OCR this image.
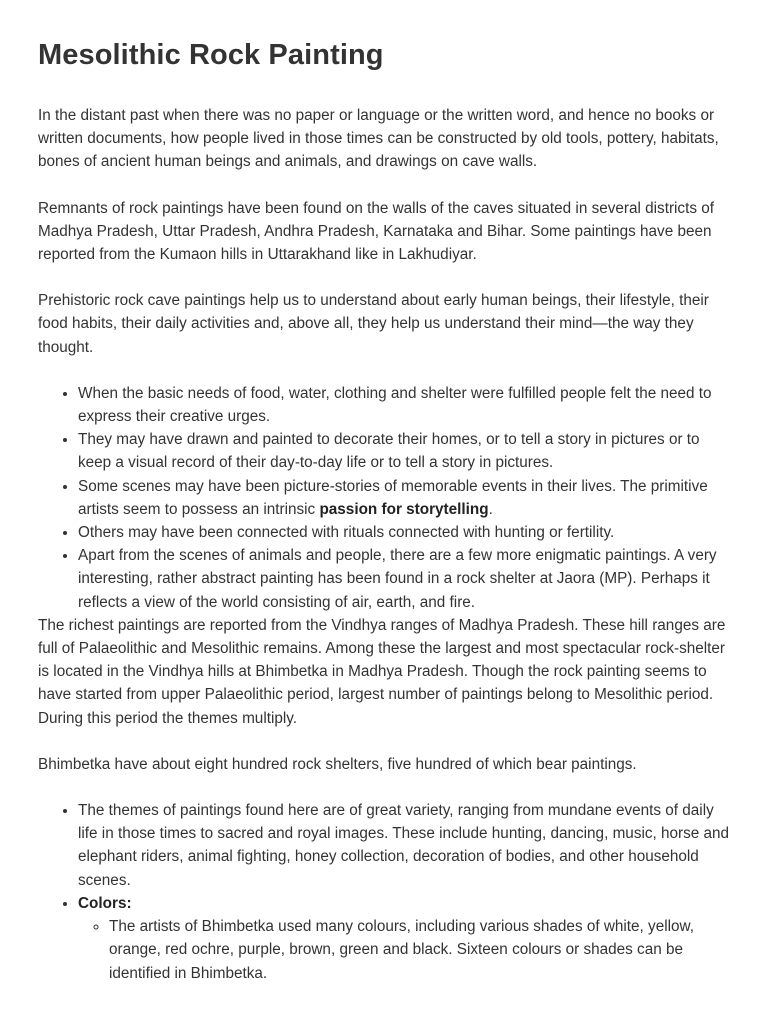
Mesolithic Rock Painting

In the distant past when there was no paper or language or the written word, and hence no books or written documents, how people lived in those times can be constructed by old tools, pottery, habitats, bones of ancient human beings and animals, and drawings on cave walls.

Remnants of rock paintings have been found on the walls of the caves situated in several districts of Madhya Pradesh, Uttar Pradesh, Andhra Pradesh, Karnataka and Bihar. Some paintings have been reported from the Kumaon hills in Uttarakhand like in Lakhudiyar.

Prehistoric rock cave paintings help us to understand about early human beings, their lifestyle, their food habits, their daily activities and, above all, they help us understand their mind—the way they thought.

• When the basic needs of food, water, clothing and shelter were fulfilled people felt the need to express their creative urges.
• They may have drawn and painted to decorate their homes, or to tell a story in pictures or to keep a visual record of their day-to-day life or to tell a story in pictures.
• Some scenes may have been picture-stories of memorable events in their lives. The primitive artists seem to possess an intrinsic passion for storytelling.
• Others may have been connected with rituals connected with hunting or fertility.
• Apart from the scenes of animals and people, there are a few more enigmatic paintings. A very interesting, rather abstract painting has been found in a rock shelter at Jaora (MP). Perhaps it reflects a view of the world consisting of air, earth, and fire.

The richest paintings are reported from the Vindhya ranges of Madhya Pradesh. These hill ranges are full of Palaeolithic and Mesolithic remains. Among these the largest and most spectacular rock-shelter is located in the Vindhya hills at Bhimbetka in Madhya Pradesh. Though the rock painting seems to have started from upper Palaeolithic period, largest number of paintings belong to Mesolithic period. During this period the themes multiply.

Bhimbetka have about eight hundred rock shelters, five hundred of which bear paintings.

• The themes of paintings found here are of great variety, ranging from mundane events of daily life in those times to sacred and royal images. These include hunting, dancing, music, horse and elephant riders, animal fighting, honey collection, decoration of bodies, and other household scenes.
• Colors:
◦ The artists of Bhimbetka used many colours, including various shades of white, yellow, orange, red ochre, purple, brown, green and black. Sixteen colours or shades can be identified in Bhimbetka.
